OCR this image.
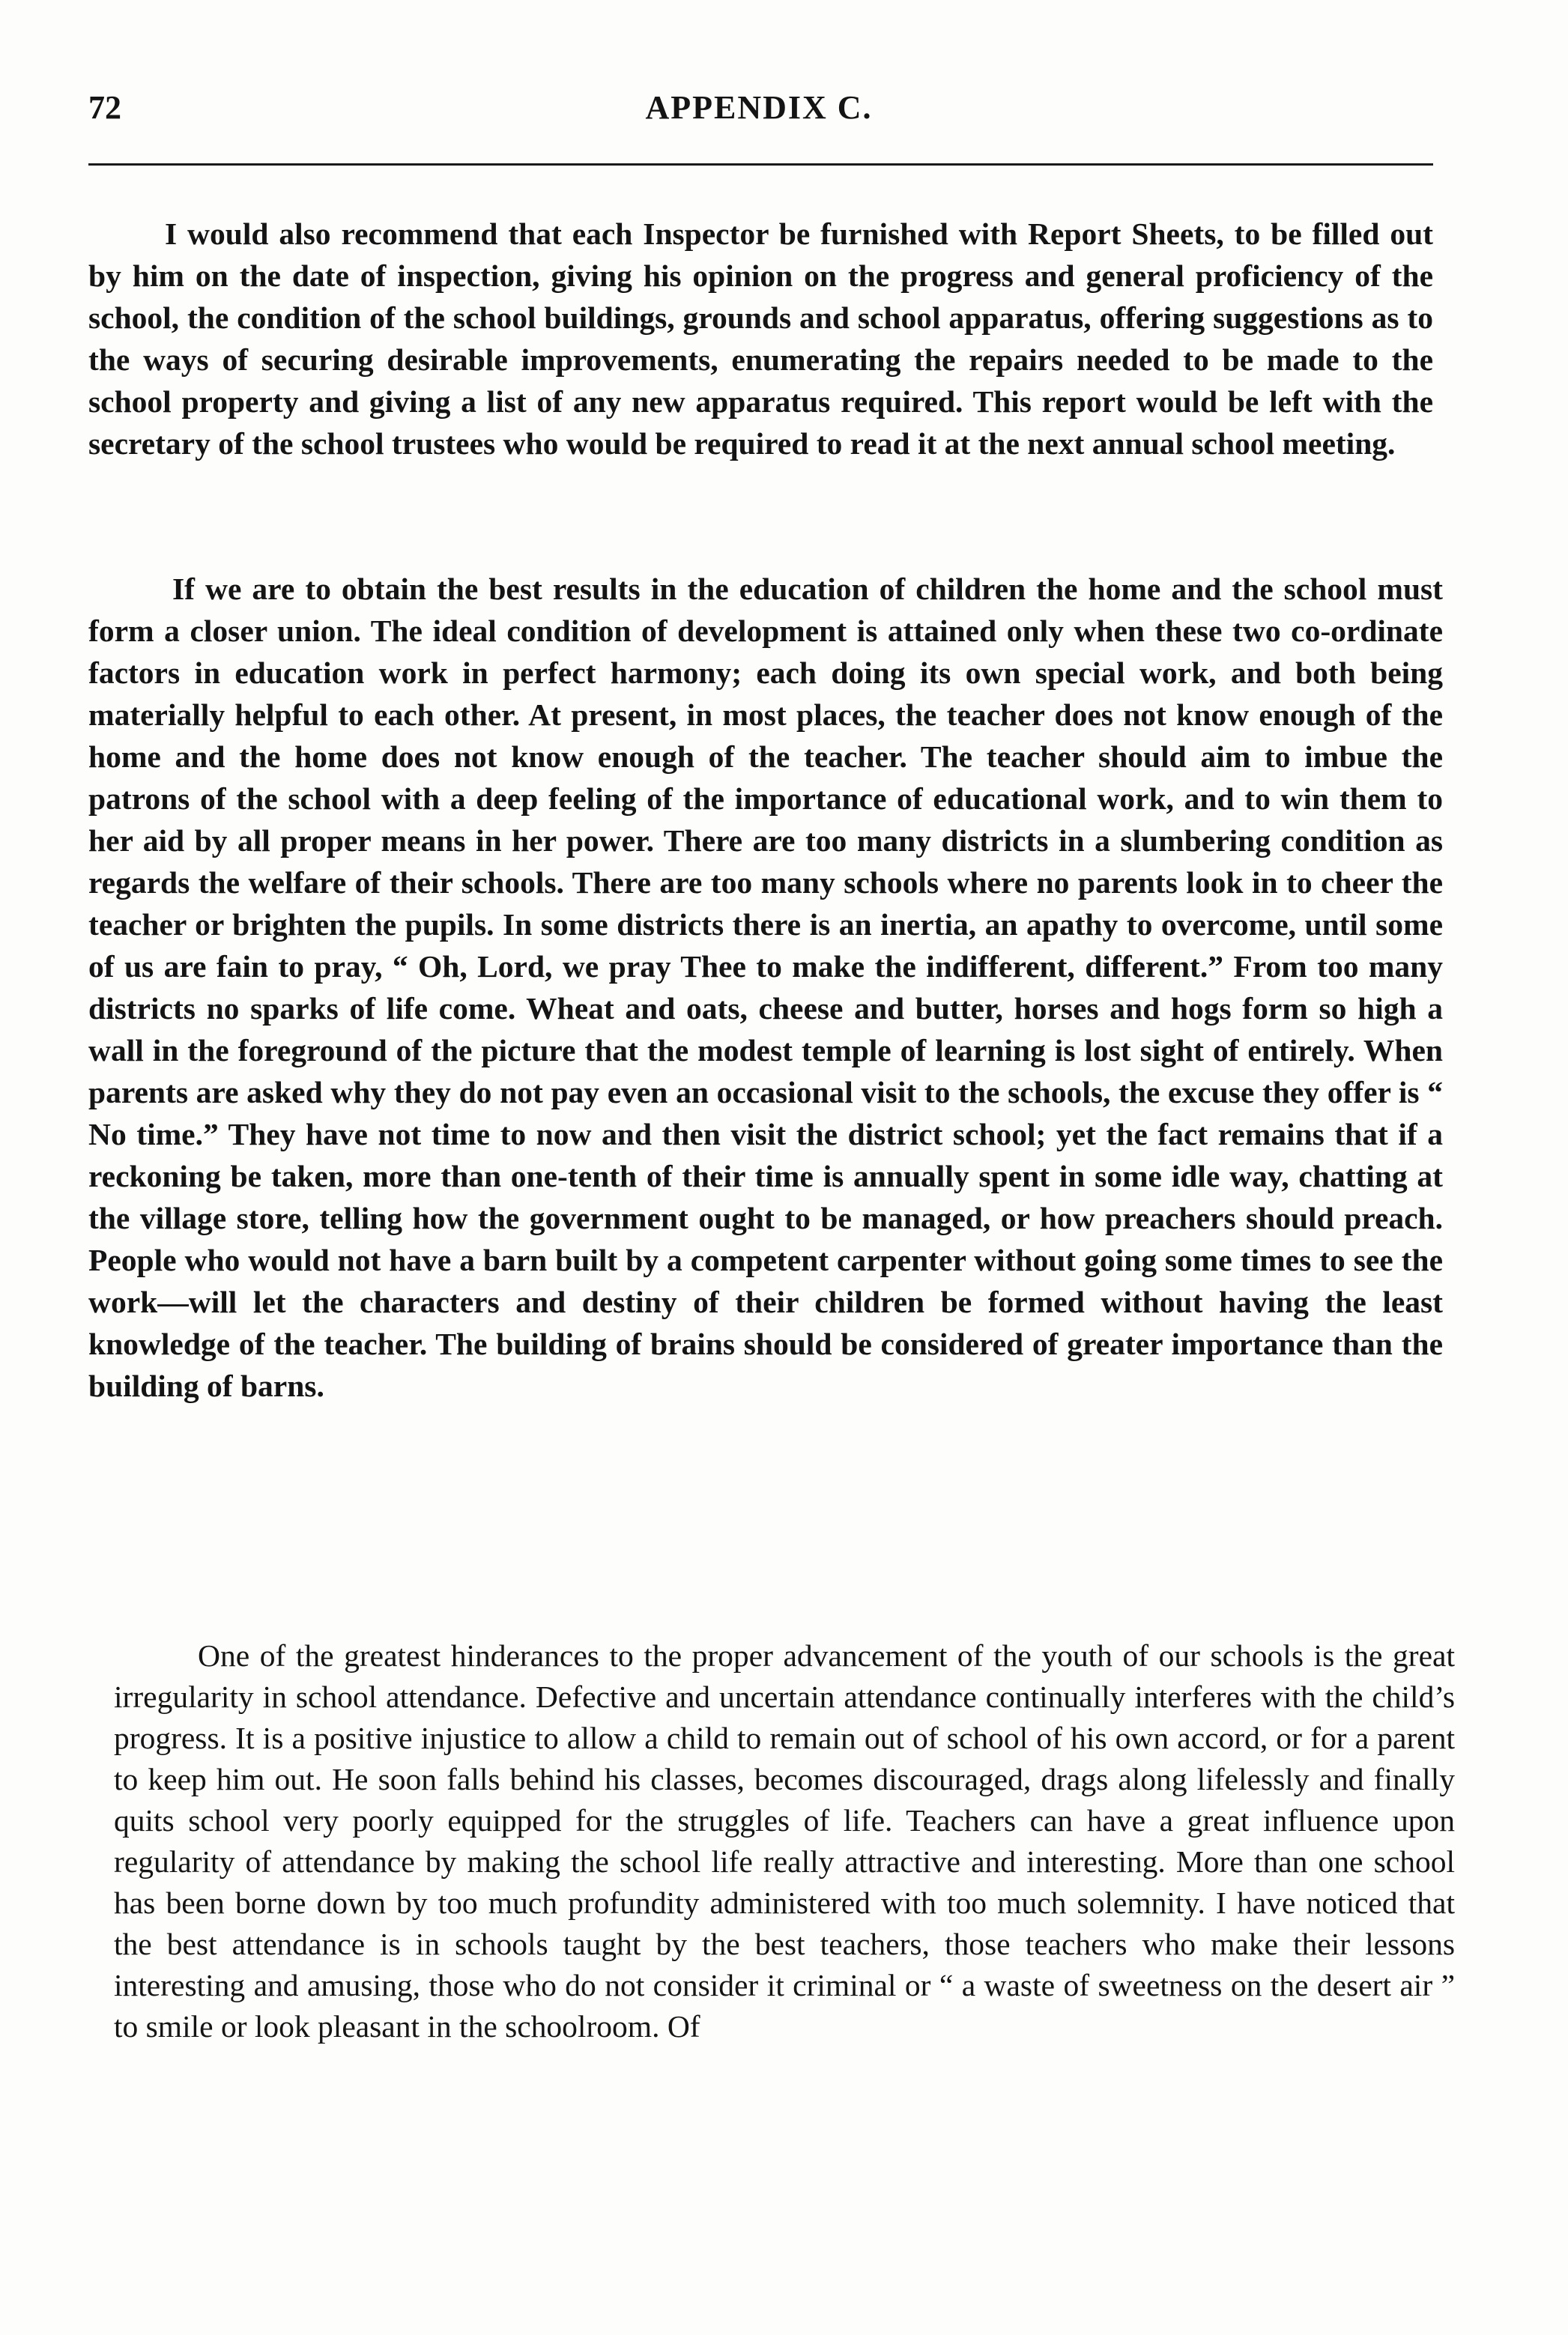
72	APPENDIX C.

I would also recommend that each Inspector be furnished with Report Sheets, to be filled out by him on the date of inspection, giving his opinion on the progress and general proficiency of the school, the condition of the school buildings, grounds and school apparatus, offering suggestions as to the ways of securing desirable improvements, enumerating the repairs needed to be made to the school property and giving a list of any new apparatus required. This report would be left with the secretary of the school trustees who would be required to read it at the next annual school meeting.

If we are to obtain the best results in the education of children the home and the school must form a closer union. The ideal condition of development is attained only when these two co-ordinate factors in education work in perfect harmony; each doing its own special work, and both being materially helpful to each other. At present, in most places, the teacher does not know enough of the home and the home does not know enough of the teacher. The teacher should aim to imbue the patrons of the school with a deep feeling of the importance of educational work, and to win them to her aid by all proper means in her power. There are too many districts in a slumbering condition as regards the welfare of their schools. There are too many schools where no parents look in to cheer the teacher or brighten the pupils. In some districts there is an inertia, an apathy to overcome, until some of us are fain to pray, “ Oh, Lord, we pray Thee to make the indifferent, different.” From too many districts no sparks of life come. Wheat and oats, cheese and butter, horses and hogs form so high a wall in the foreground of the picture that the modest temple of learning is lost sight of entirely. When parents are asked why they do not pay even an occasional visit to the schools, the excuse they offer is “ No time.” They have not time to now and then visit the district school; yet the fact remains that if a reckoning be taken, more than one-tenth of their time is annually spent in some idle way, chatting at the village store, telling how the government ought to be managed, or how preachers should preach. People who would not have a barn built by a competent carpenter without going some times to see the work—will let the characters and destiny of their children be formed without having the least knowledge of the teacher. The building of brains should be considered of greater importance than the building of barns.

One of the greatest hinderances to the proper advancement of the youth of our schools is the great irregularity in school attendance. Defective and uncertain attendance continually interferes with the child’s progress. It is a positive injustice to allow a child to remain out of school of his own accord, or for a parent to keep him out. He soon falls behind his classes, becomes discouraged, drags along lifelessly and finally quits school very poorly equipped for the struggles of life. Teachers can have a great influence upon regularity of attendance by making the school life really attractive and interesting. More than one school has been borne down by too much profundity administered with too much solemnity. I have noticed that the best attendance is in schools taught by the best teachers, those teachers who make their lessons interesting and amusing, those who do not consider it criminal or “ a waste of sweetness on the desert air ” to smile or look pleasant in the schoolroom. Of
